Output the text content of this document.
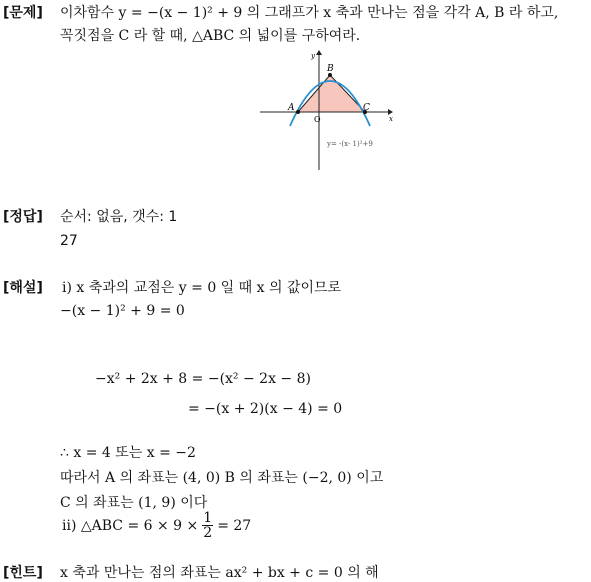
[문제] 이차함수 y = −(x − 1)² + 9 의 그래프가 x 축과 만나는 점을 각각 A, B 라 하고,
꼭짓점을 C 라 할 때, △ABC 의 넓이를 구하여라.
y
x
O
A
B
C
y= -(x- 1)²+9
[정답] 순서: 없음, 갯수: 1
27
[해설] ⅰ) x 축과의 교점은 y = 0 일 때 x 의 값이므로
−(x − 1)² + 9 = 0
−x² + 2x + 8 = −(x² − 2x − 8)
= −(x + 2)(x − 4) = 0
∴ x = 4 또는 x = −2
따라서 A 의 좌표는 (4, 0) B 의 좌표는 (−2, 0) 이고
C 의 좌표는 (1, 9) 이다
ⅱ) △ABC = $6 \times 9 \times \frac{1}{2} = 27$
[힌트] x 축과 만나는 점의 좌표는 ax² + bx + c = 0 의 해
